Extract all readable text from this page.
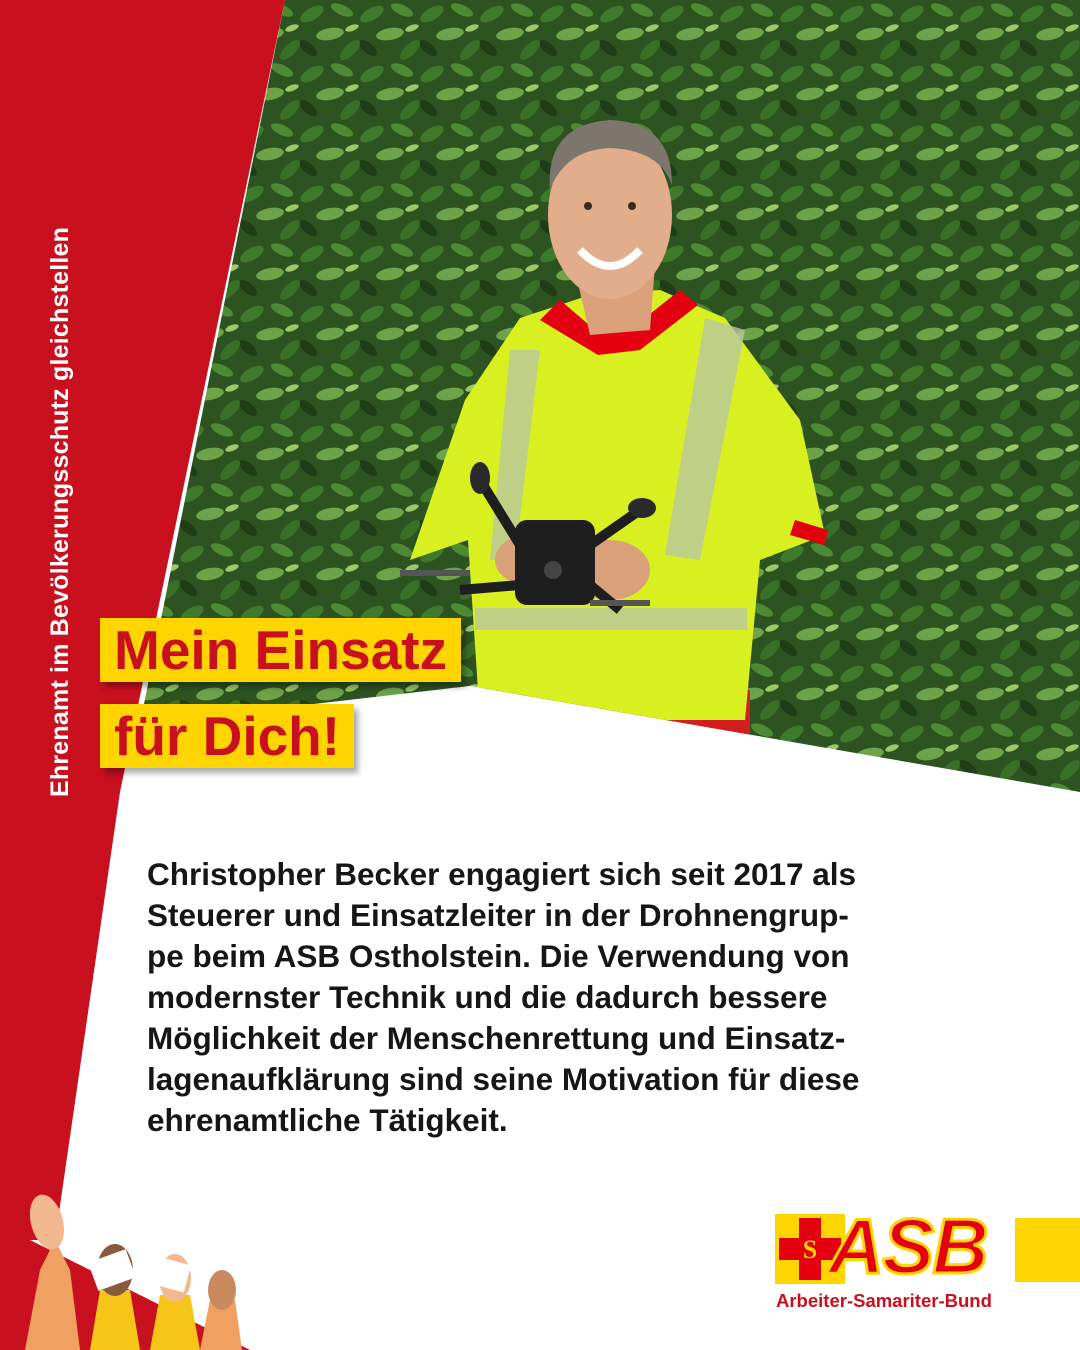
Ehrenamt im Bevölkerungsschutz gleichstellen Mein Einsatz
für Dich!

Christopher Becker engagiert sich seit 2017 als
Steuerer und Einsatzleiter in der Drohnengrup-
pe beim ASB Ostholstein. Die Verwendung von
modernster Technik und die dadurch bessere
Möglichkeit der Menschenrettung und Einsatz-
lagenaufklärung sind seine Motivation für diese
ehrenamtliche Tätigkeit.

S ASB
Arbeiter-Samariter-Bund
